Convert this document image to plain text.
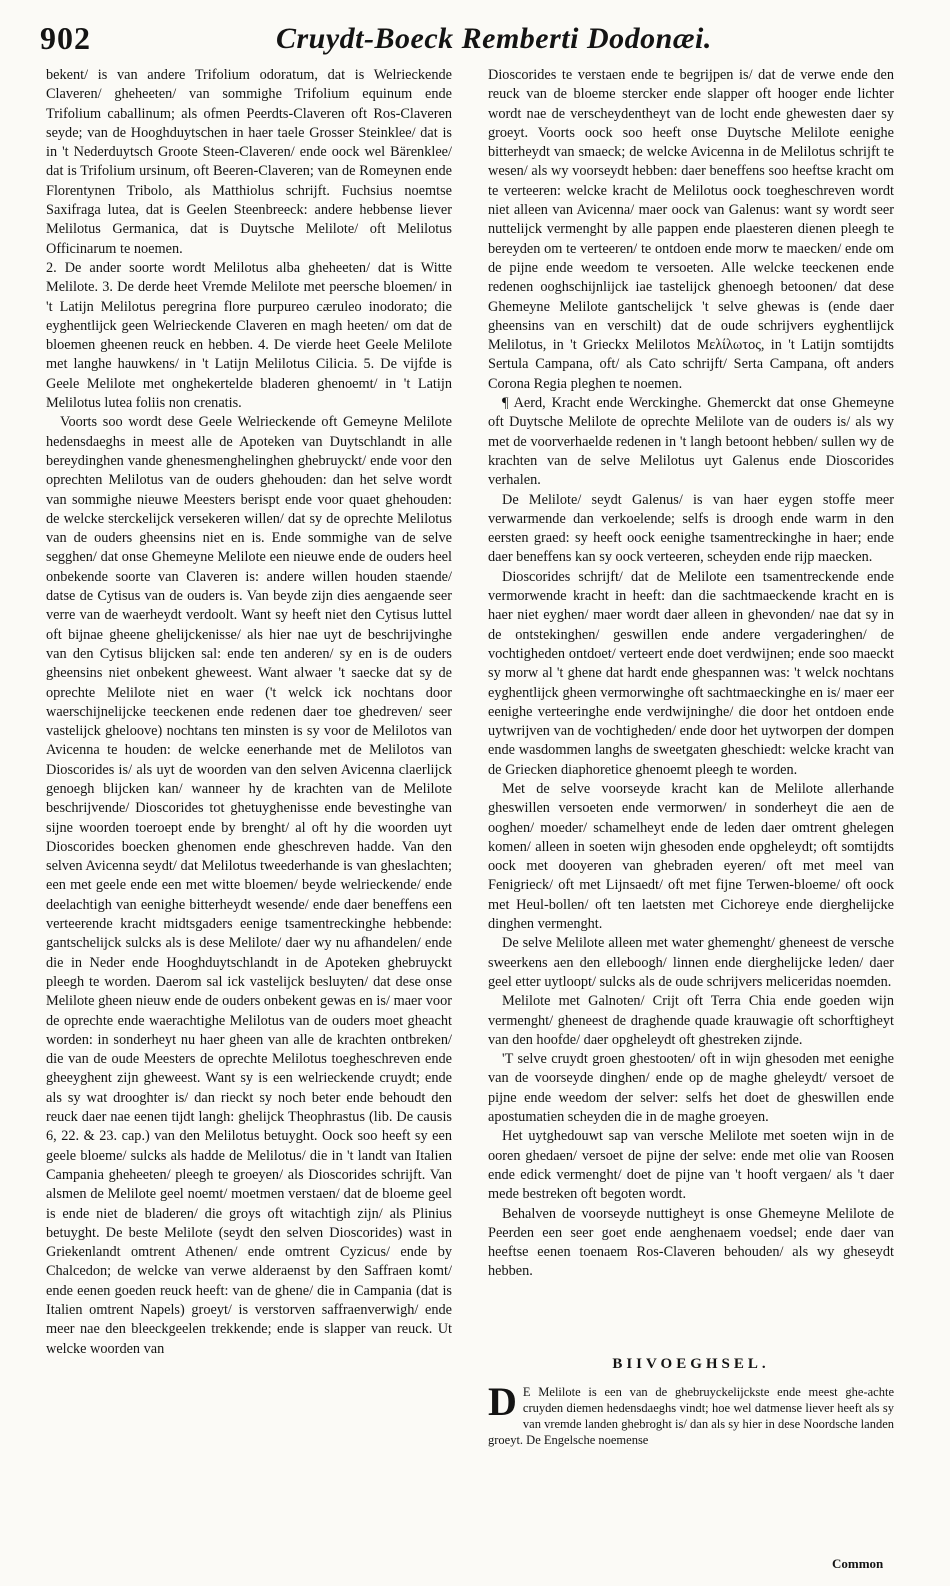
902	Cruydt-Boeck Remberti Dodonæi.

bekent/ is van andere Trifolium odoratum, dat is Welrieckende Claveren/ gheheeten/ van sommighe Trifolium equinum ende Trifolium caballinum; als ofmen Peerdts-Claveren oft Ros-Claveren seyde; van de Hooghduytschen in haer taele Grosser Steinklee/ dat is in 't Nederduytsch Groote Steen-Claveren/ ende oock wel Bärenklee/ dat is Trifolium ursinum, oft Beeren-Claveren; van de Romeynen ende Florentynen Tribolo, als Matthiolus schrijft. Fuchsius noemtse Saxifraga lutea, dat is Geelen Steenbreeck: andere hebbense liever Melilotus Germanica, dat is Duytsche Melilote/ oft Melilotus Officinarum te noemen.

2. De ander soorte wordt Melilotus alba gheheeten/ dat is Witte Melilote. 3. De derde heet Vremde Melilote met peersche bloemen/ in 't Latijn Melilotus peregrina flore purpureo cæruleo inodorato; die eyghentlijck geen Welrieckende Claveren en magh heeten/ om dat de bloemen gheenen reuck en hebben. 4. De vierde heet Geele Melilote met langhe hauwkens/ in 't Latijn Melilotus Cilicia. 5. De vijfde is Geele Melilote met onghekertelde bladeren ghenoemt/ in 't Latijn Melilotus lutea foliis non crenatis.

Voorts soo wordt dese Geele Welrieckende oft Gemeyne Melilote hedensdaeghs in meest alle de Apoteken van Duytschlandt in alle bereydinghen vande ghenesmenghelinghen ghebruyckt/ ende voor den oprechten Melilotus van de ouders ghehouden: dan het selve wordt van sommighe nieuwe Meesters berispt ende voor quaet ghehouden: de welcke sterckelijck versekeren willen/ dat sy de oprechte Melilotus van de ouders gheensins niet en is. Ende sommighe van de selve segghen/ dat onse Ghemeyne Melilote een nieuwe ende de ouders heel onbekende soorte van Claveren is: andere willen houden staende/ datse de Cytisus van de ouders is. Van beyde zijn dies aengaende seer verre van de waerheydt verdoolt. Want sy heeft niet den Cytisus luttel oft bijnae gheene ghelijckenisse/ als hier nae uyt de beschrijvinghe van den Cytisus blijcken sal: ende ten anderen/ sy en is de ouders gheensins niet onbekent gheweest. Want alwaer 't saecke dat sy de oprechte Melilote niet en waer ('t welck ick nochtans door waerschijnelijcke teeckenen ende redenen daer toe ghedreven/ seer vastelijck gheloove) nochtans ten minsten is sy voor de Melilotos van Avicenna te houden: de welcke eenerhande met de Melilotos van Dioscorides is/ als uyt de woorden van den selven Avicenna claerlijck genoegh blijcken kan/ wanneer hy de krachten van de Melilote beschrijvende/ Dioscorides tot ghetuyghenisse ende bevestinghe van sijne woorden toeroept ende by brenght/ al oft hy die woorden uyt Dioscorides boecken ghenomen ende gheschreven hadde. Van den selven Avicenna seydt/ dat Melilotus tweederhande is van gheslachten; een met geele ende een met witte bloemen/ beyde welrieckende/ ende deelachtigh van eenighe bitterheydt wesende/ ende daer beneffens een verteerende kracht midtsgaders eenige tsamentreckinghe hebbende: gantschelijck sulcks als is dese Melilote/ daer wy nu afhandelen/ ende die in Neder ende Hooghduytschlandt in de Apoteken ghebruyckt pleegh te worden. Daerom sal ick vastelijck besluyten/ dat dese onse Melilote gheen nieuw ende de ouders onbekent gewas en is/ maer voor de oprechte ende waerachtighe Melilotus van de ouders moet gheacht worden: in sonderheyt nu haer gheen van alle de krachten ontbreken/ die van de oude Meesters de oprechte Melilotus toegheschreven ende gheeyghent zijn gheweest. Want sy is een welrieckende cruydt; ende als sy wat drooghter is/ dan rieckt sy noch beter ende behoudt den reuck daer nae eenen tijdt langh: ghelijck Theophrastus (lib. De causis 6, 22. & 23. cap.) van den Melilotus betuyght. Oock soo heeft sy een geele bloeme/ sulcks als hadde de Melilotus/ die in 't landt van Italien Campania gheheeten/ pleegh te groeyen/ als Dioscorides schrijft. Van alsmen de Melilote geel noemt/ moetmen verstaen/ dat de bloeme geel is ende niet de bladeren/ die groys oft witachtigh zijn/ als Plinius betuyght. De beste Melilote (seydt den selven Dioscorides) wast in Griekenlandt omtrent Athenen/ ende omtrent Cyzicus/ ende by Chalcedon; de welcke van verwe alderaenst by den Saffraen komt/ ende eenen goeden reuck heeft: van de ghene/ die in Campania (dat is Italien omtrent Napels) groeyt/ is verstorven saffraenverwigh/ ende meer nae den bleeckgeelen trekkende; ende is slapper van reuck. Ut welcke woorden van

Dioscorides te verstaen ende te begrijpen is/ dat de verwe ende den reuck van de bloeme stercker ende slapper oft hooger ende lichter wordt nae de verscheydentheyt van de locht ende ghewesten daer sy groeyt. Voorts oock soo heeft onse Duytsche Melilote eenighe bitterheydt van smaeck; de welcke Avicenna in de Melilotus schrijft te wesen/ als wy voorseydt hebben: daer beneffens soo heeftse kracht om te verteeren: welcke kracht de Melilotus oock toegheschreven wordt niet alleen van Avicenna/ maer oock van Galenus: want sy wordt seer nuttelijck vermenght by alle pappen ende plaesteren dienen pleegh te bereyden om te verteeren/ te ontdoen ende morw te maecken/ ende om de pijne ende weedom te versoeten. Alle welcke teeckenen ende redenen ooghschijnlijck iae tastelijck ghenoegh betoonen/ dat dese Ghemeyne Melilote gantschelijck 't selve ghewas is (ende daer gheensins van en verschilt) dat de oude schrijvers eyghentlijck Melilotus, in 't Grieckx Melilotos Μελίλωτος, in 't Latijn somtijdts Sertula Campana, oft/ als Cato schrijft/ Serta Campana, oft anders Corona Regia pleghen te noemen.

¶ Aerd, Kracht ende Werckinghe. Ghemerckt dat onse Ghemeyne oft Duytsche Melilote de oprechte Melilote van de ouders is/ als wy met de voorverhaelde redenen in 't langh betoont hebben/ sullen wy de krachten van de selve Melilotus uyt Galenus ende Dioscorides verhalen.

De Melilote/ seydt Galenus/ is van haer eygen stoffe meer verwarmende dan verkoelende; selfs is droogh ende warm in den eersten graed: sy heeft oock eenighe tsamentreckinghe in haer; ende daer beneffens kan sy oock verteeren, scheyden ende rijp maecken.

Dioscorides schrijft/ dat de Melilote een tsamentreckende ende vermorwende kracht in heeft: dan die sachtmaeckende kracht en is haer niet eyghen/ maer wordt daer alleen in ghevonden/ nae dat sy in de ontstekinghen/ geswillen ende andere vergaderinghen/ de vochtigheden ontdoet/ verteert ende doet verdwijnen; ende soo maeckt sy morw al 't ghene dat hardt ende ghespannen was: 't welck nochtans eyghentlijck gheen vermorwinghe oft sachtmaeckinghe en is/ maer eer eenighe verteeringhe ende verdwijninghe/ die door het ontdoen ende uytwrijven van de vochtigheden/ ende door het uytworpen der dompen ende wasdommen langhs de sweetgaten gheschiedt: welcke kracht van de Griecken diaphoretice ghenoemt pleegh te worden.

Met de selve voorseyde kracht kan de Melilote allerhande gheswillen versoeten ende vermorwen/ in sonderheyt die aen de ooghen/ moeder/ schamelheyt ende de leden daer omtrent ghelegen komen/ alleen in soeten wijn ghesoden ende opgheleydt; oft somtijdts oock met dooyeren van ghebraden eyeren/ oft met meel van Fenigrieck/ oft met Lijnsaedt/ oft met fijne Terwen-bloeme/ oft oock met Heul-bollen/ oft ten laetsten met Cichoreye ende dierghelijcke dinghen vermenght.

De selve Melilote alleen met water ghemenght/ gheneest de versche sweerkens aen den elleboogh/ linnen ende dierghelijcke leden/ daer geel etter uytloopt/ sulcks als de oude schrijvers meliceridas noemden.

Melilote met Galnoten/ Crijt oft Terra Chia ende goeden wijn vermenght/ gheneest de draghende quade krauwagie oft schorftigheyt van den hoofde/ daer opgheleydt oft ghestreken zijnde.

'T selve cruydt groen ghestooten/ oft in wijn ghesoden met eenighe van de voorseyde dinghen/ ende op de maghe gheleydt/ versoet de pijne ende weedom der selver: selfs het doet de gheswillen ende apostumatien scheyden die in de maghe groeyen.

Het uytghedouwt sap van versche Melilote met soeten wijn in de ooren ghedaen/ versoet de pijne der selve: ende met olie van Roosen ende edick vermenght/ doet de pijne van 't hooft vergaen/ als 't daer mede bestreken oft begoten wordt.

Behalven de voorseyde nuttigheyt is onse Ghemeyne Melilote de Peerden een seer goet ende aenghenaem voedsel; ende daer van heeftse eenen toenaem Ros-Claveren behouden/ als wy gheseydt hebben.

BIIVOEGHSEL.
D E Melilote is een van de ghebruyckelijckste ende meest ghe-achte cruyden diemen hedensdaeghs vindt; hoe wel datmense liever heeft als sy van vremde landen ghebroght is/ dan als sy hier in dese Noordsche landen groeyt. De Engelsche noemense
Common
